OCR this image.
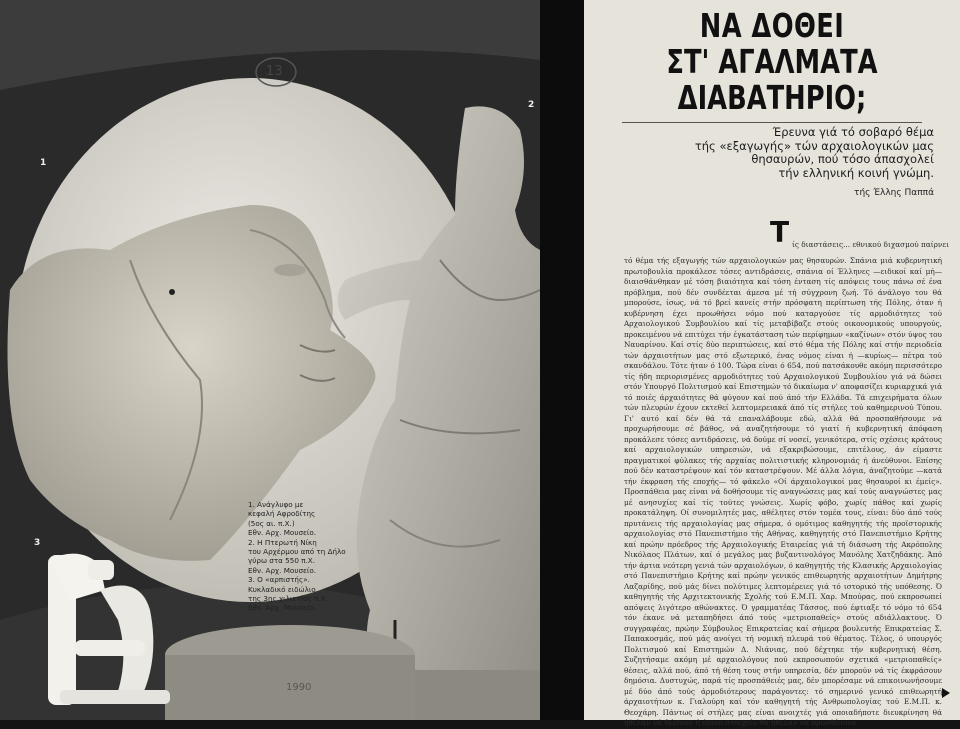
13
1
2
3
1990
1. Ανάγλυφο με
κεφαλή Αφροδίτης
(5ος αι. π.Χ.)
Εθν. Αρχ. Μουσείο.
2. Η Πτερωτή Νίκη
του Αρχέρμου από τη Δήλο
γύρω στα 550 π.Χ.
Εθν. Αρχ. Μουσείο.
3. Ο «αρπιστής».
Κυκλαδικό ειδώλιο
της 3ης χιλιετίας π.Χ.
Εθν. Αρχ. Μουσείο.
ΝΑ ΔΟΘΕΙ
ΣΤ' ΑΓΑΛΜΑΤΑ
ΔΙΑΒΑΤΗΡΙΟ;
Έρευνα γιά τό σοβαρό θέμα
τής «εξαγωγής» τών αρχαιολογικών μας
θησαυρών, πού τόσο άπασχολεί
τήν ελληνική κοινή γνώμη.
τής Έλλης Παππά
Τ ίς διαστάσεις... εθνικού διχασμού παίρνει
τό θέμα τής εξαγωγής τών αρχαιολογικών μας θησαυρών. Σπάνια μιά κυβερνητική πρωτοβουλία προκάλεσε τόσες αντιδράσεις, σπάνια οί Έλληνες —ειδικοί καί μή— διαισθάνθηκαν μέ τόση βιαιότητα καί τόση ένταση τίς απόψεις τους πάνω σέ ένα πρόβλημα, πού δέν συνδέεται άμεσα μέ τή σύγχρονη ζωή. Τό άνάλογο του θά μπορούσε, ίσως, νά τό βρεί κανείς στήν πρόσφατη περίπτωση τής Πόλης, όταν ή κυβέρνηση έχει προωθήσει νόμο πού καταργούσε τίς αρμοδιότητες τού Αρχαιολογικού Συμβουλίου καί τίς μεταβίβαζε στούς οικονομικούς υπουργούς, προκειμένου νά επιτύχει τήν έγκατάσταση τών περίφημων «καζίνων» στόν ύψος του Ναυαρίνου. Καί στίς δύο περιπτώσεις, καί στό θέμα τής Πόλης καί στήν περιοδεία τών άρχαιοτήτων μας στό εξωτερικό, ένας νόμος είναι ή —κυρίως— πέτρα τού σκανδάλου. Τότε ήταν ό 100. Τώρα είναι ό 654, πού πατσάκουθε ακόμη περισσότερο τίς ήδη περιορισμένες αρμοδιότητες τού Αρχαιολογικού Συμβουλίου γιά νά δώσει στόν Υπουργό Πολιτισμού καί Επιστημών τό δικαίωμα ν' αποφασίζει κυριαρχικά γιά τό ποιές άρχαιότητες θά φύγουν καί πού άπό τήν Ελλάδα. Τά επιχειρήματα όλων τών πλευρών έχουν εκτεθεί λεπτομερειακά άπό τίς στήλες τού καθημερινού Τύπου. Γι' αυτό καί δέν θά τά επαναλάβουμε εδώ, αλλά θά προσπαθήσουμε νά προχωρήσουμε σέ βάθος, νά αναζητήσουμε τό γιατί ή κυβερνητική άπόφαση προκάλεσε τόσες αντιδράσεις, νά δούμε σί νοσεί, γενικότερα, στίς σχέσεις κράτους καί αρχαιολογικών υπηρεσιών, νά εξακριβώσουμε, επιτέλους, άν είμαστε πραγματικοί φύλακες τής αρχαίας πολιτιστικής κληρονομιάς ή άνεύθυνοι. Επίσης πού δέν καταστρέψουν καί τόν καταστρέψουν. Μέ άλλα λόγια, άναζητούμε —κατά τήν έκφραση τής εποχής— τό φάκελο «Οί άρχαιολογικοί μας θησαυροί κι έμείς». Προσπάθεια μας είναι νά δοθήσουμε τίς αναγνώσεις μας καί τούς αναγνώστες μας μέ ανησυχίες καί τίς τούτες γνώσεις. Χωρίς φόβο, χωρίς πάθος καί χωρίς προκατάληψη. Οί συνομιλητές μας, αθέλητες στόν τομέα τους, είναι: δύο άπό τούς πρυτάνεις τής αρχαιολογίας μας σήμερα, ό ομότιμος καθηγητής τής προϊστορικής αρχαιολογίας στό Πανεπιστήμιο τής Αθήνας, καθηγητής στό Πανεπιστήμιο Κρήτης καί πρώην πρόεδρος τής Αρχαιολογικής Εταιρείας γιά τή διάσωση τής Ακρόπολης Νικόλαος Πλάτων, καί ό μεγάλος μας βυζαντινολόγος Μανόλης Χατζηδάκης. Άπό τήν άρτια νεότερη γενιά τών αρχαιολόγων, ό καθηγητής τής Κλασικής Αρχαιολογίας στό Πανεπιστήμιο Κρήτης καί πρώην γενικός επιθεωρητής αρχαιοτήτων Δημήτρης Λαζαρίδης, πού μάς δίνει πολύτιμες λεπτομέρειες γιά τό ιστορικό τής υπόθεσης. Ό καθηγητής τής Αρχιτεκτονικής Σχολής τού Ε.Μ.Π. Χαρ. Μπούρας, πού εκπροσωπεί απόψεις λιγότερο αθώνακτες. Ό γραμματέας Τάσσος, πού έφτιαξε τό νόμο τό 654 τόν έκανε νά μεταπηδήσει άπό τούς «μετριοπαθείς» στούς αδιάλλακτους. Ό συγγραφέας, πρώην Σύμβουλος Επικρατείας καί σήμερα βουλευτής Επικρατείας Σ. Παπακοσμάς, πού μάς ανοίγει τή νομική πλευρά τού θέματος. Τέλος, ό υπουργός Πολιτισμού καί Επιστημών Δ. Νιάνιας, πού δέχτηκε τήν κυβερνητική θέση. Συζητήσαμε ακόμη μέ αρχαιολόγους πού εκπροσωπούν σχετικά «μετριοπαθείς» θέσεις, αλλά πού, άπό τή θέση τους στήν υπηρεσία, δέν μπορούν νά τίς έκφράσουν δημόσια. Δυστυχώς, παρά τίς προσπάθειές μας, δέν μπορέσαμε νά επικοινωνήσουμε μέ δύο άπό τούς άρμοδιότερους παράγοντες: τό σημερινό γενικό επιθεωρητή άρχαιοτήτων κ. Γιαλούρη καί τόν καθηγητή τής Ανθρωπολογίας τού Ε.Μ.Π. κ. Θεοχάρη. Πάντως οί στήλες μας είναι ανοιχτές γιά οποιαδήποτε διευκρίνηση θά ήθελαν νά δώσουν ή όποιο στοιχείο θά ήθελαν νά προσθέσουν.
